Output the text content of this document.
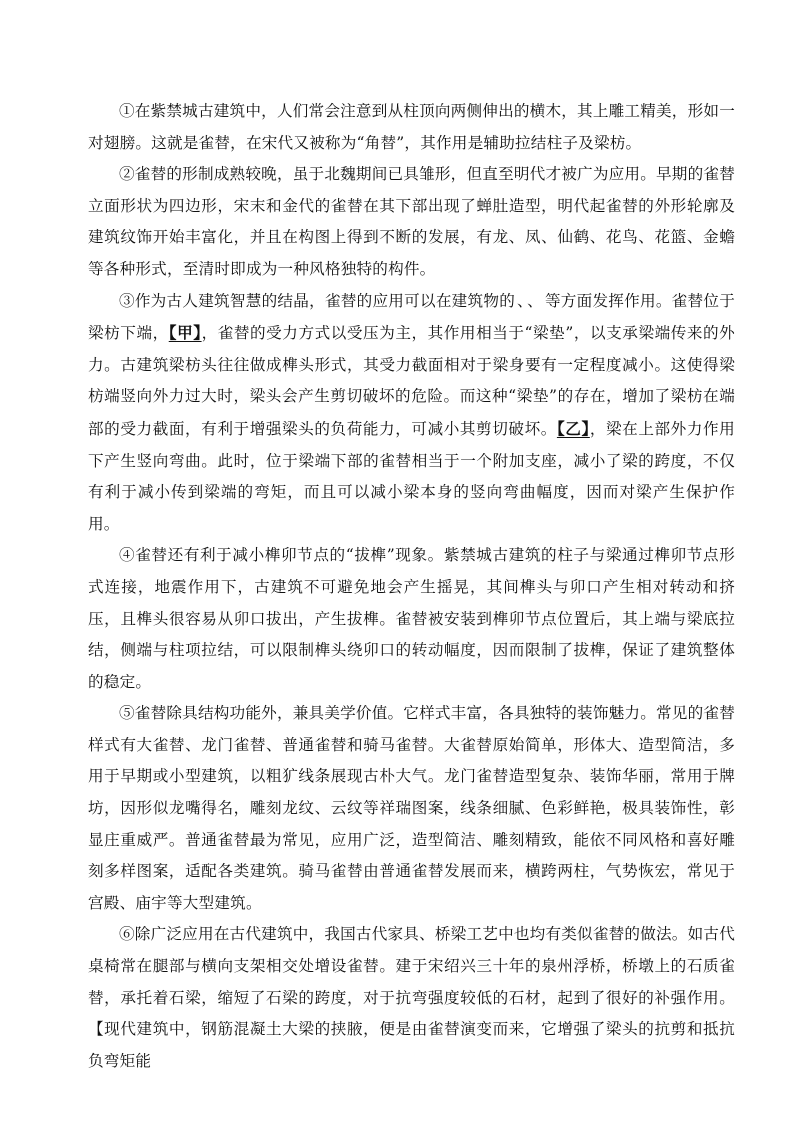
①在紫禁城古建筑中，人们常会注意到从柱顶向两侧伸出的横木，其上雕工精美，形如一对翅膀。这就是雀替，在宋代又被称为“角替”，其作用是辅助拉结柱子及梁枋。

②雀替的形制成熟较晚，虽于北魏期间已具雏形，但直至明代才被广为应用。早期的雀替立面形状为四边形，宋末和金代的雀替在其下部出现了蝉肚造型，明代起雀替的外形轮廓及建筑纹饰开始丰富化，并且在构图上得到不断的发展，有龙、凤、仙鹤、花鸟、花篮、金蟾等各种形式，至清时即成为一种风格独特的构件。

③作为古人建筑智慧的结晶，雀替的应用可以在建筑物的 、 、 等方面发挥作用。雀替位于梁枋下端，【甲】，雀替的受力方式以受压为主，其作用相当于“梁垫”，以支承梁端传来的外力。古建筑梁枋头往往做成榫头形式，其受力截面相对于梁身要有一定程度减小。这使得梁枋端竖向外力过大时，梁头会产生剪切破坏的危险。而这种“梁垫”的存在，增加了梁枋在端部的受力截面，有利于增强梁头的负荷能力，可减小其剪切破坏。【乙】，梁在上部外力作用下产生竖向弯曲。此时，位于梁端下部的雀替相当于一个附加支座，减小了梁的跨度，不仅有利于减小传到梁端的弯矩，而且可以减小梁本身的竖向弯曲幅度，因而对梁产生保护作用。

④雀替还有利于减小榫卯节点的“拔榫”现象。紫禁城古建筑的柱子与梁通过榫卯节点形式连接，地震作用下，古建筑不可避免地会产生摇晃，其间榫头与卯口产生相对转动和挤压，且榫头很容易从卯口拔出，产生拔榫。雀替被安装到榫卯节点位置后，其上端与梁底拉结，侧端与柱项拉结，可以限制榫头绕卯口的转动幅度，因而限制了拔榫，保证了建筑整体的稳定。

⑤雀替除具结构功能外，兼具美学价值。它样式丰富，各具独特的装饰魅力。常见的雀替样式有大雀替、龙门雀替、普通雀替和骑马雀替。大雀替原始简单，形体大、造型简洁，多用于早期或小型建筑，以粗犷线条展现古朴大气。龙门雀替造型复杂、装饰华丽，常用于牌坊，因形似龙嘴得名，雕刻龙纹、云纹等祥瑞图案，线条细腻、色彩鲜艳，极具装饰性，彰显庄重威严。普通雀替最为常见，应用广泛，造型简洁、雕刻精致，能依不同风格和喜好雕刻多样图案，适配各类建筑。骑马雀替由普通雀替发展而来，横跨两柱，气势恢宏，常见于宫殿、庙宇等大型建筑。

⑥除广泛应用在古代建筑中，我国古代家具、桥梁工艺中也均有类似雀替的做法。如古代桌椅常在腿部与横向支架相交处增设雀替。建于宋绍兴三十年的泉州浮桥，桥墩上的石质雀替，承托着石梁，缩短了石梁的跨度，对于抗弯强度较低的石材，起到了很好的补强作用。【现代建筑中，钢筋混凝土大梁的挟腋，便是由雀替演变而来，它增强了梁头的抗剪和抵抗负弯矩能
